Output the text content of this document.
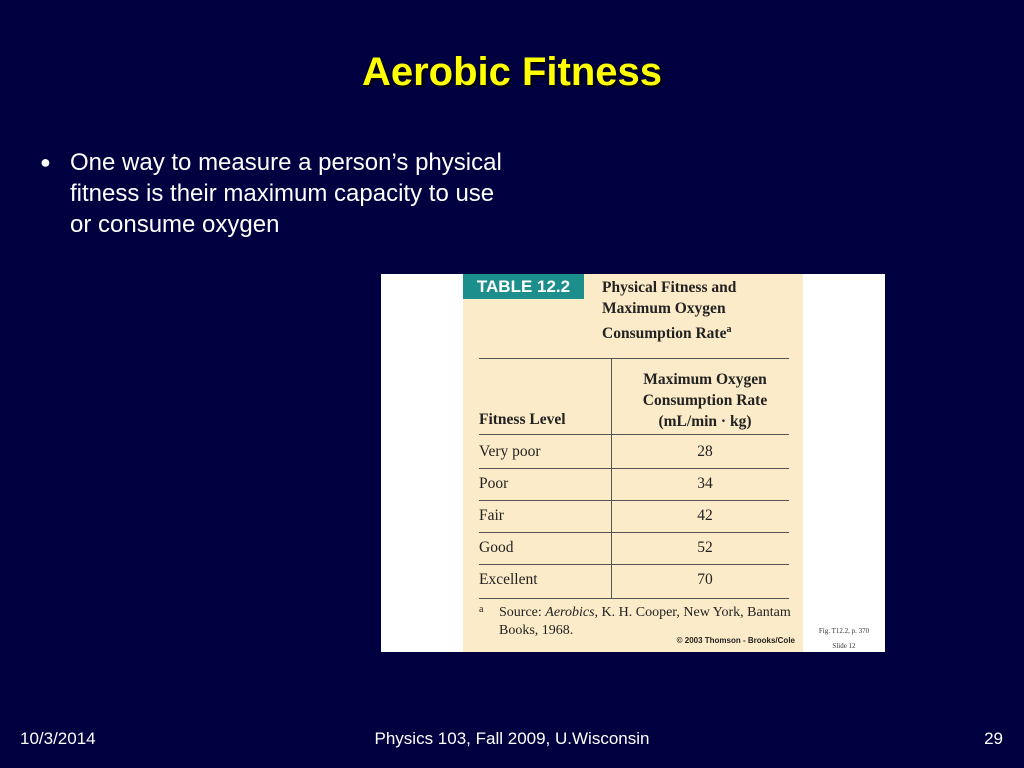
Aerobic Fitness
● One way to measure a person’s physical fitness is their maximum capacity to use or consume oxygen
TABLE 12.2	Physical Fitness and Maximum Oxygen Consumption Rate$^a$
Fitness Level
Maximum Oxygen
Consumption Rate
(mL/min · kg)
Very poor	28
Poor	34
Fair	42
Good	52
Excellent	70
a Source: Aerobics, K. H. Cooper, New York, Bantam Books, 1968.
© 2003 Thomson - Brooks/Cole
Fig. T12.2, p. 370
Slide 12
10/3/2014	Physics 103, Fall 2009, U.Wisconsin	29
